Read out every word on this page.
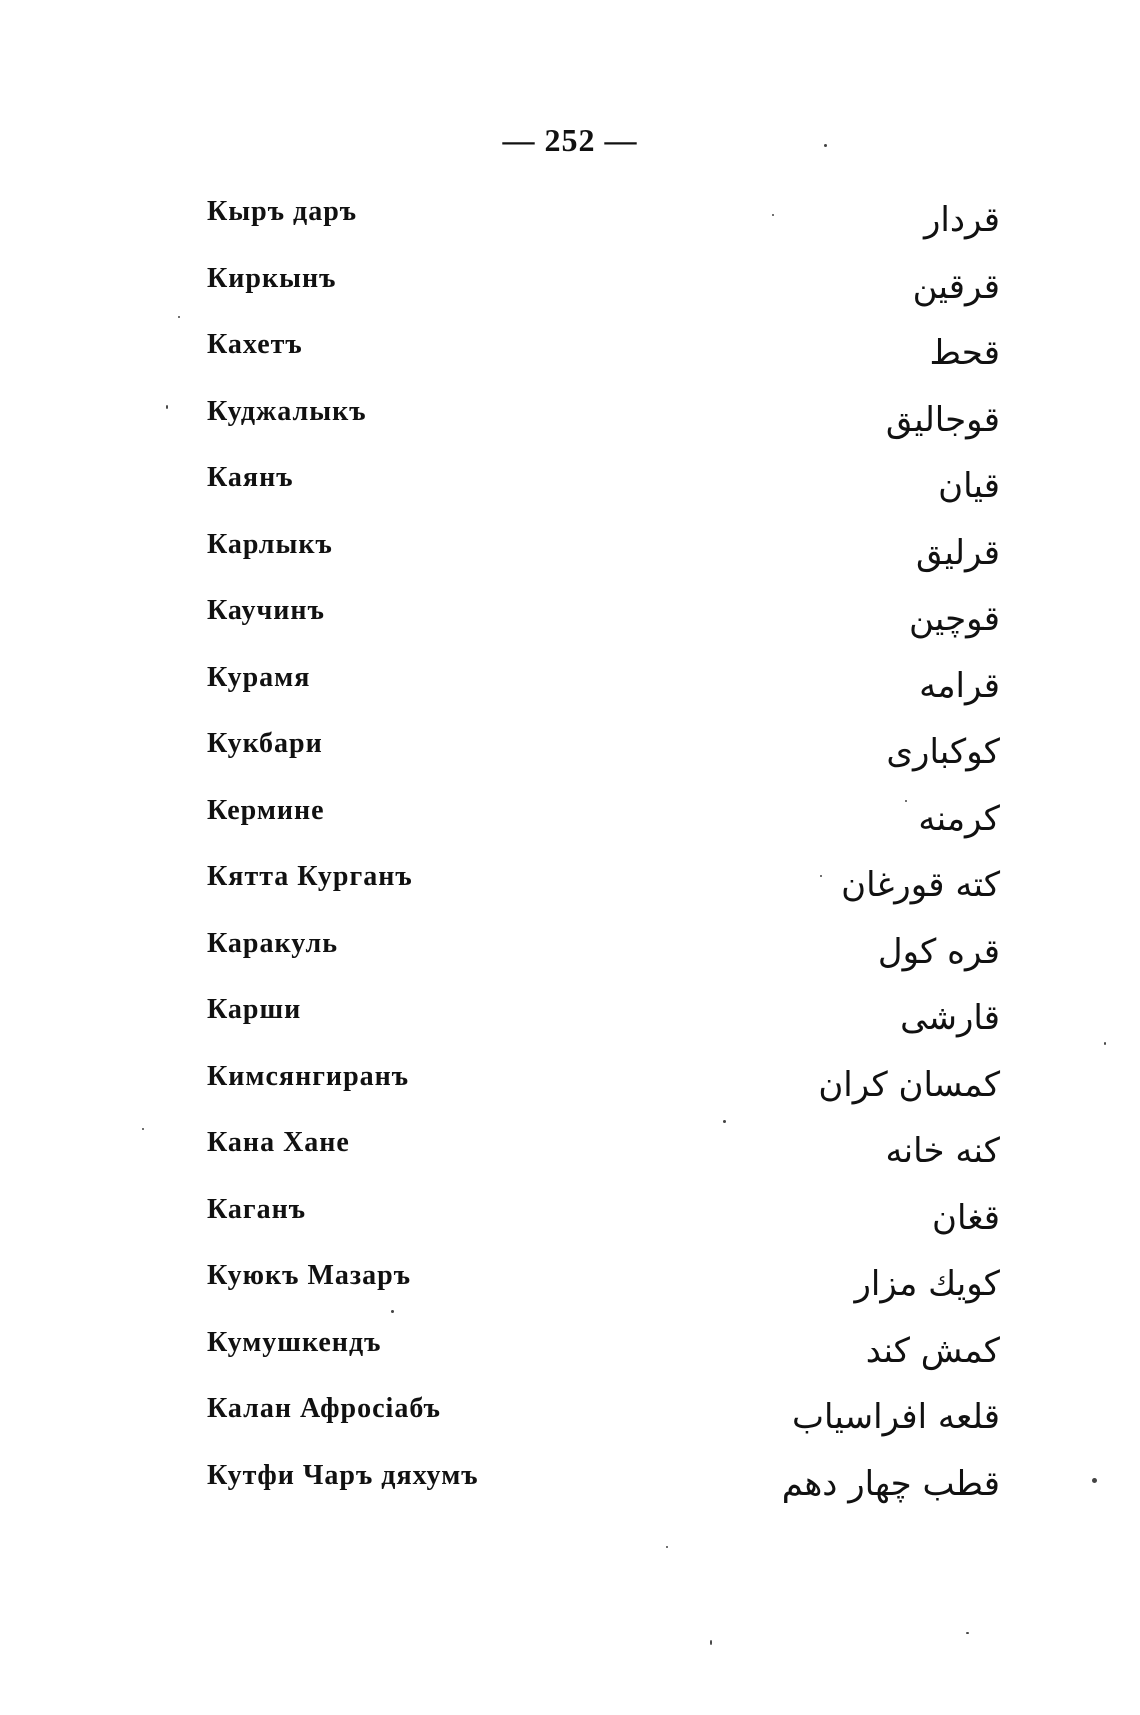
— 252 —
Кыръ даръ	قردار
Киркынъ	قرقين
Кахетъ	قحط
Куджалыкъ	قوجاليق
Каянъ	قيان
Карлыкъ	قرليق
Каучинъ	قوچين
Курамя	قرامه
Кукбари	كوكبارى
Кермине	كرمنه
Кятта Курганъ	كته قورغان
Каракуль	قره كول
Карши	قارشى
Кимсянгиранъ	كمسان كران
Кана Хане	كنه خانه
Каганъ	قغان
Куюкъ Мазаръ	كويك مزار
Кумушкендъ	كمش كند
Калан Афросiабъ	قلعه افراسياب
Кутфи Чаръ дяхумъ	قطب چهار دهم
